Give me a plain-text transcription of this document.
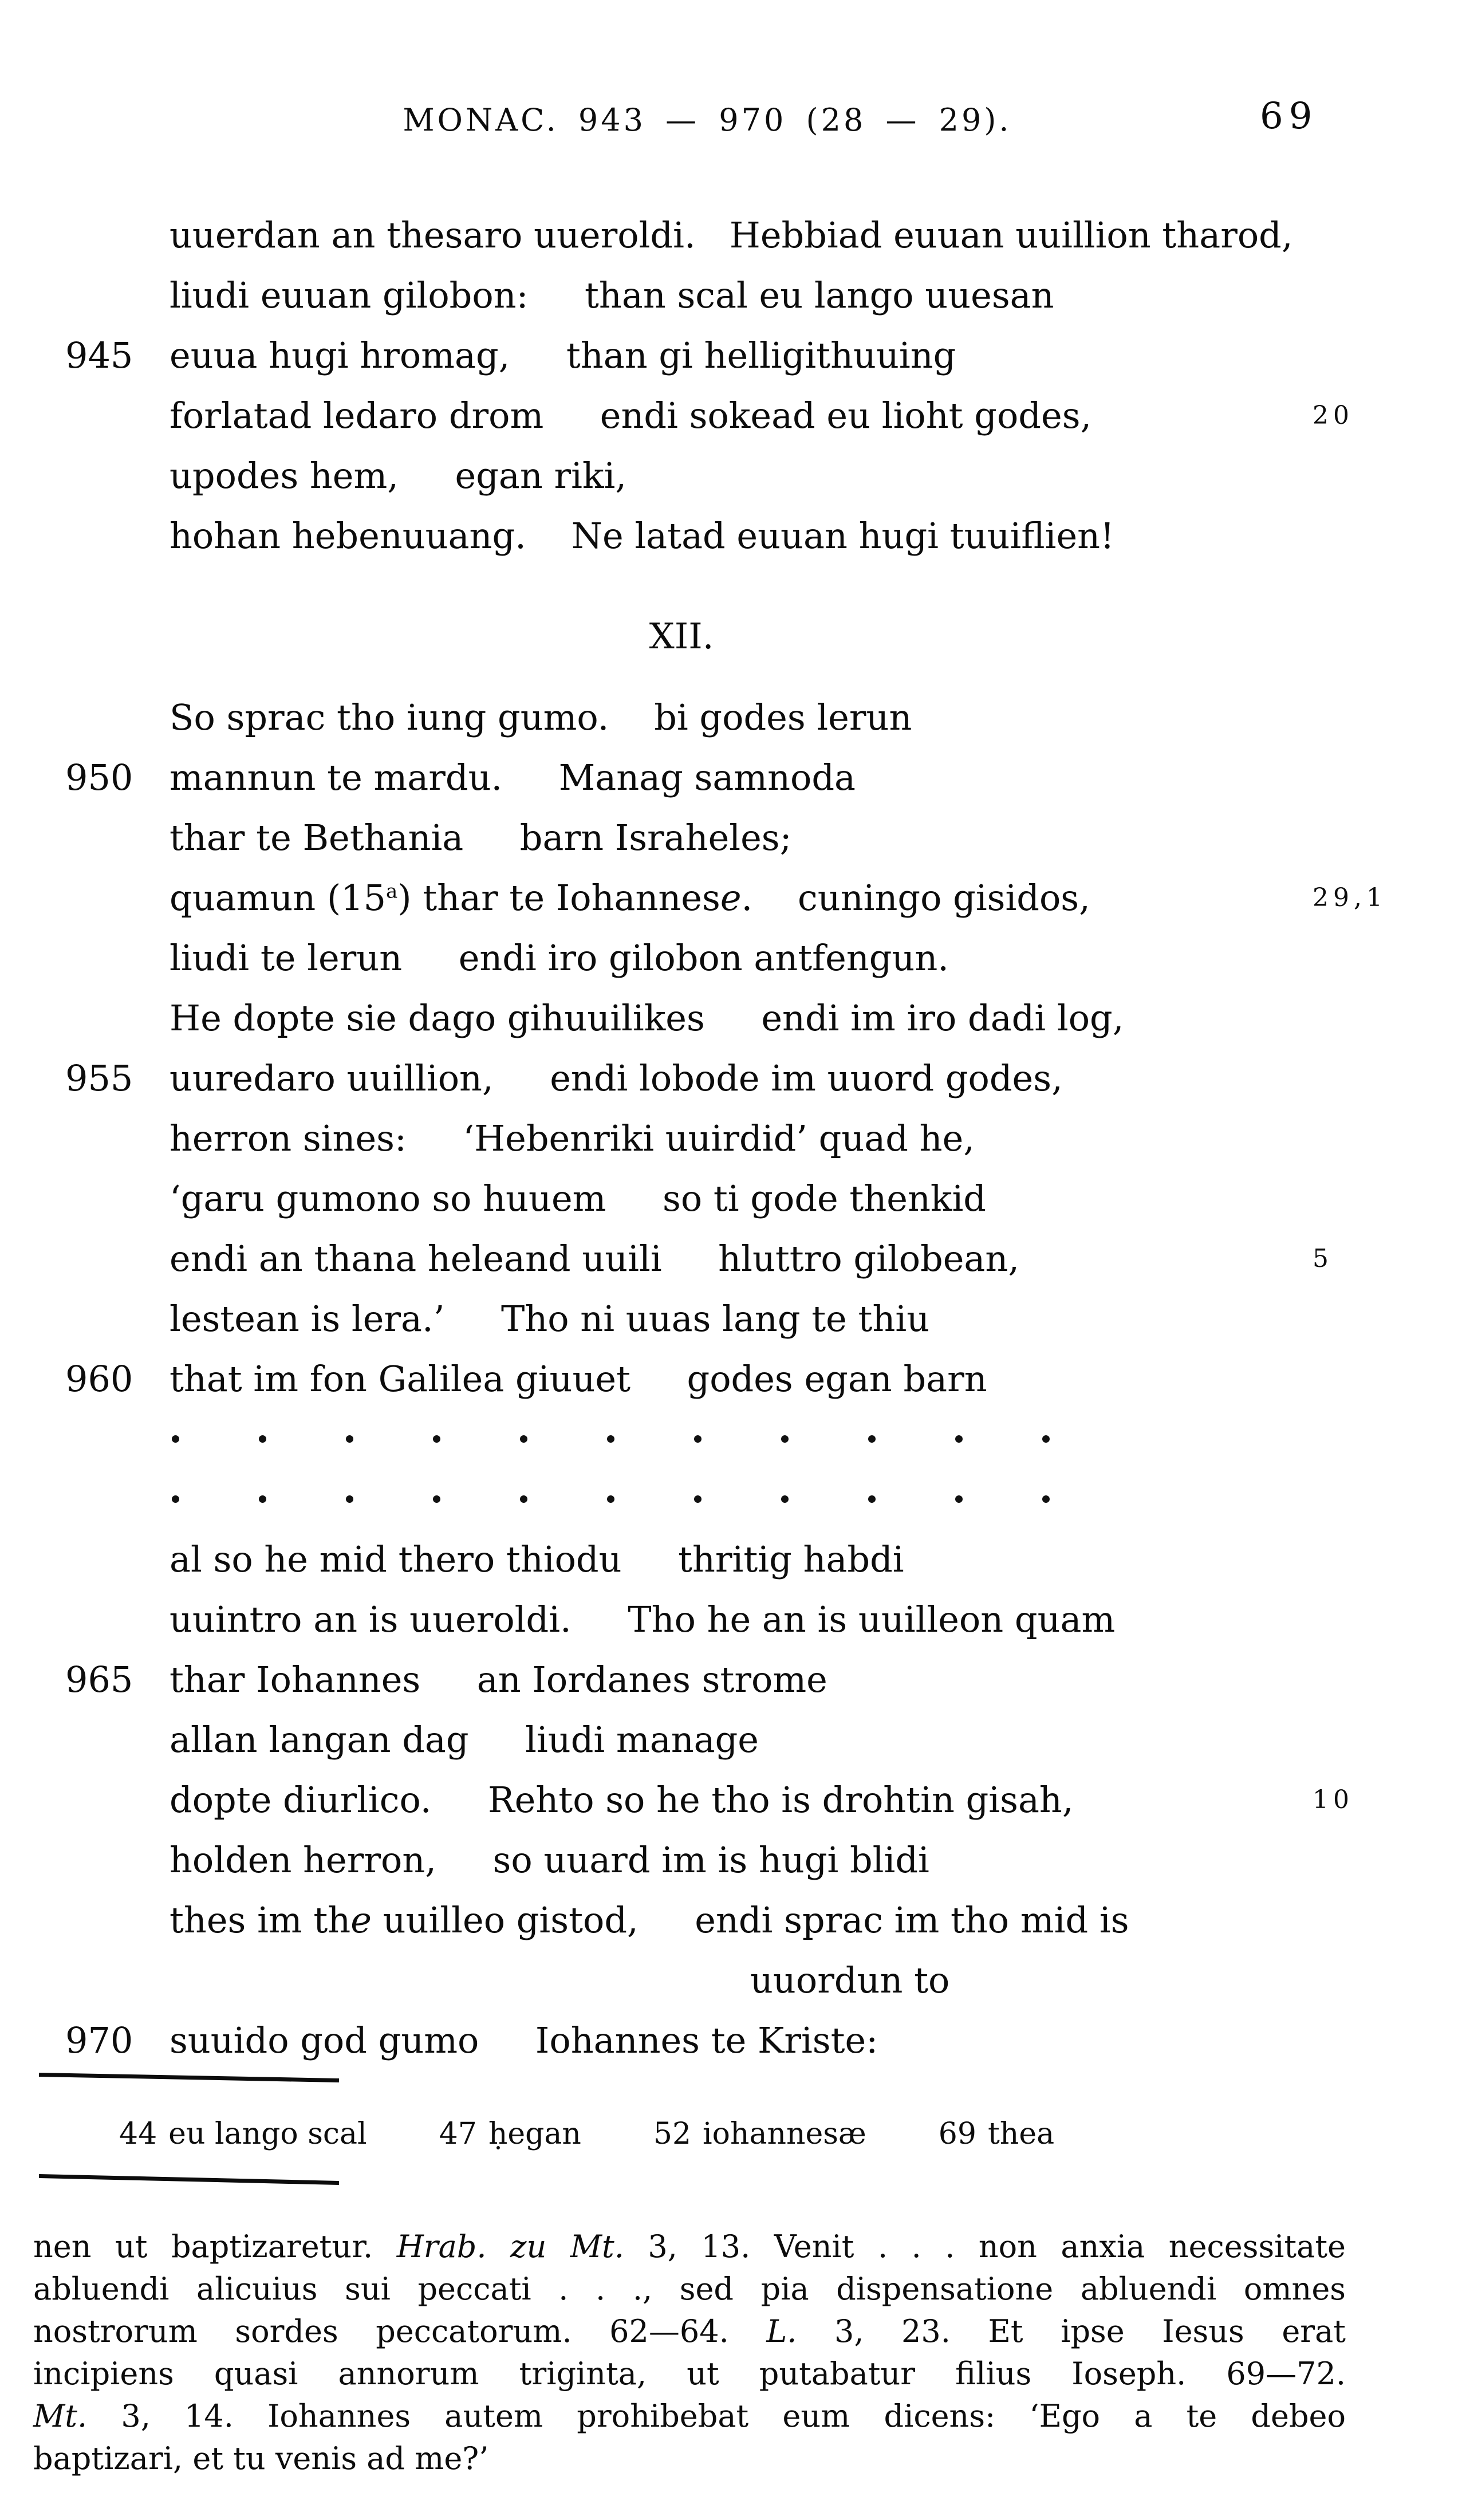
MONAC. 943 — 970 (28 — 29).	69
uuerdan an thesaro uueroldi.   Hebbiad euuan uuillion tharod,
liudi euuan gilobon:     than scal eu lango uuesan
945 euua hugi hromag,     than gi helligithuuing
forlatad ledaro drom     endi sokead eu lioht godes,	20
upodes hem,     egan riki,
hohan hebenuuang.    Ne latad euuan hugi tuuiflien!
XII.
So sprac tho iung gumo.    bi godes lerun
950 mannun te mardu.     Manag samnoda
thar te Bethania     barn Israheles;
quamun (15$^a$) thar te Iohannese.    cuningo gisidos,	29,1
liudi te lerun     endi iro gilobon antfengun.
He dopte sie dago gihuuilikes     endi im iro dadi log,
955 uuredaro uuillion,     endi lobode im uuord godes,
herron sines:     ‘Hebenriki uuirdid’ quad he,
‘garu gumono so huuem     so ti gode thenkid
endi an thana heleand uuili     hluttro gilobean,	5
lestean is lera.’     Tho ni uuas lang te thiu
960 that im fon Galilea giuuet     godes egan barn
al so he mid thero thiodu     thritig habdi
uuintro an is uueroldi.     Tho he an is uuilleon quam
965 thar Iohannes     an Iordanes strome
allan langan dag     liudi manage
dopte diurlico.     Rehto so he tho is drohtin gisah,	10
holden herron,     so uuard im is hugi blidi
thes im the uuilleo gistod,     endi sprac im tho mid is
uuordun to
970 suuido god gumo     Iohannes te Kriste:
44 eu lango scal 47 ḥegan 52 iohannesæ 69 thea
nen ut baptizaretur. Hrab. zu Mt. 3, 13. Venit . . . non anxia necessitate
abluendi alicuius sui peccati . . ., sed pia dispensatione abluendi omnes
nostrorum sordes peccatorum. 62—64. L. 3, 23. Et ipse Iesus erat
incipiens quasi annorum triginta, ut putabatur filius Ioseph. 69—72.
Mt. 3, 14. Iohannes autem prohibebat eum dicens: ‘Ego a te debeo
baptizari, et tu venis ad me?’
